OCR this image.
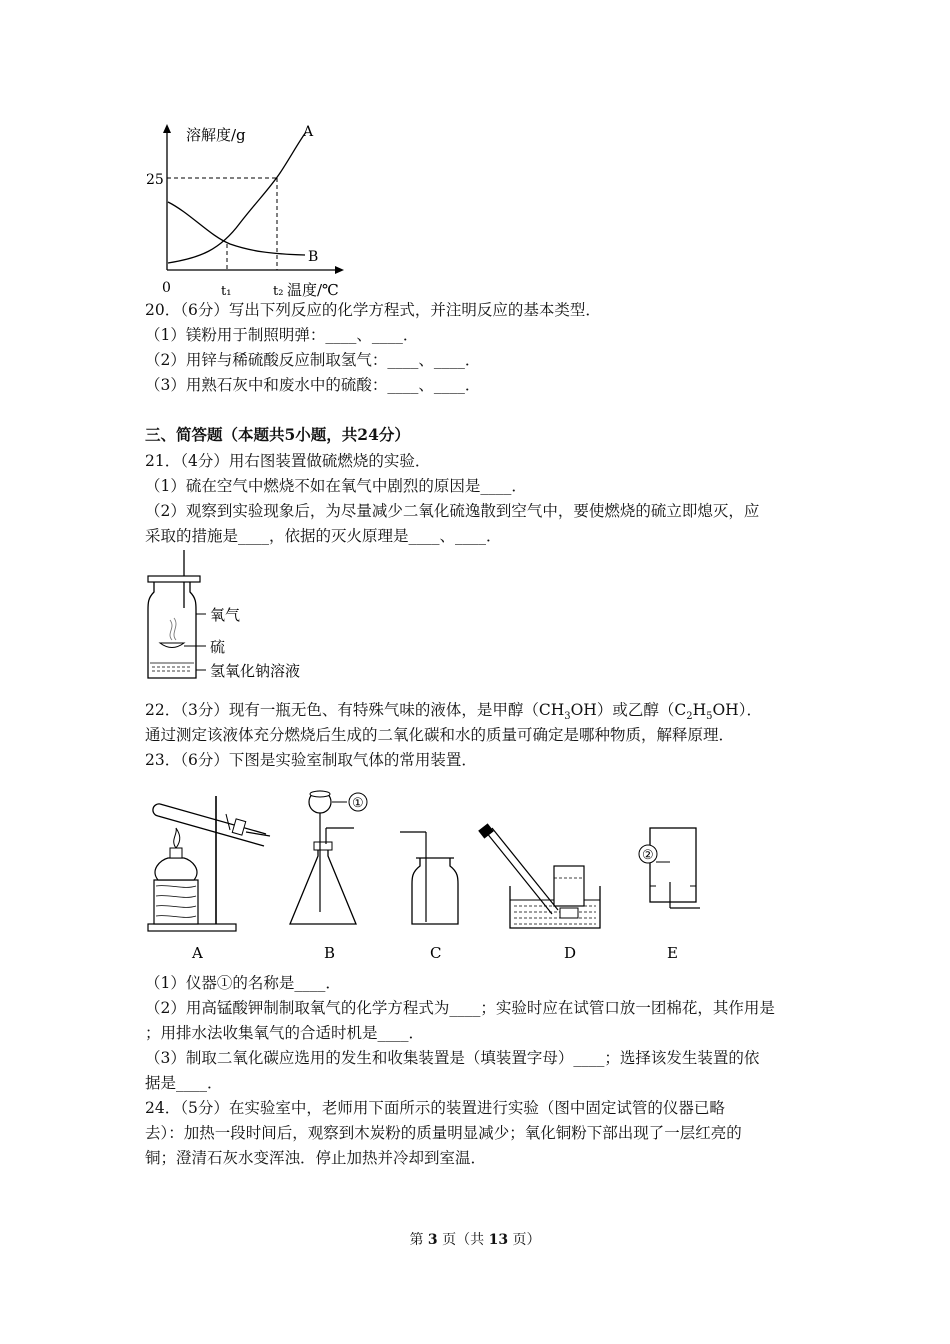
溶解度/g	A
B
25
0	t₁	t₂ 温度/℃
20．（6分）写出下列反应的化学方程式，并注明反应的基本类型．
（1）镁粉用于制照明弹：____、____．
（2）用锌与稀硫酸反应制取氢气：____、____．
（3）用熟石灰中和废水中的硫酸：____、____．
三、简答题（本题共5小题，共24分）
21．（4分）用右图装置做硫燃烧的实验．
（1）硫在空气中燃烧不如在氧气中剧烈的原因是____．
（2）观察到实验现象后，为尽量减少二氧化硫逸散到空气中，要使燃烧的硫立即熄灭，应
采取的措施是____，依据的灭火原理是____、____．
氧气
硫
氢氧化钠溶液
22．（3分）现有一瓶无色、有特殊气味的液体，是甲醇$(CH_3OH)$或乙醇$(C_2H_5OH)$．
通过测定该液体充分燃烧后生成的二氧化碳和水的质量可确定是哪种物质，解释原理．
23．（6分）下图是实验室制取气体的常用装置．
①
②
A	B	C	D	E
（1）仪器①的名称是____．
（2）用高锰酸钾制制取氧气的化学方程式为____；实验时应在试管口放一团棉花，其作用是
；用排水法收集氧气的合适时机是____．
（3）制取二氧化碳应选用的发生和收集装置是（填装置字母）____；选择该发生装置的依
据是____．
24．（5分）在实验室中，老师用下面所示的装置进行实验（图中固定试管的仪器已略
去）：加热一段时间后，观察到木炭粉的质量明显减少；氧化铜粉下部出现了一层红亮的
铜；澄清石灰水变浑浊．停止加热并冷却到室温．
第 3 页（共 13 页）
